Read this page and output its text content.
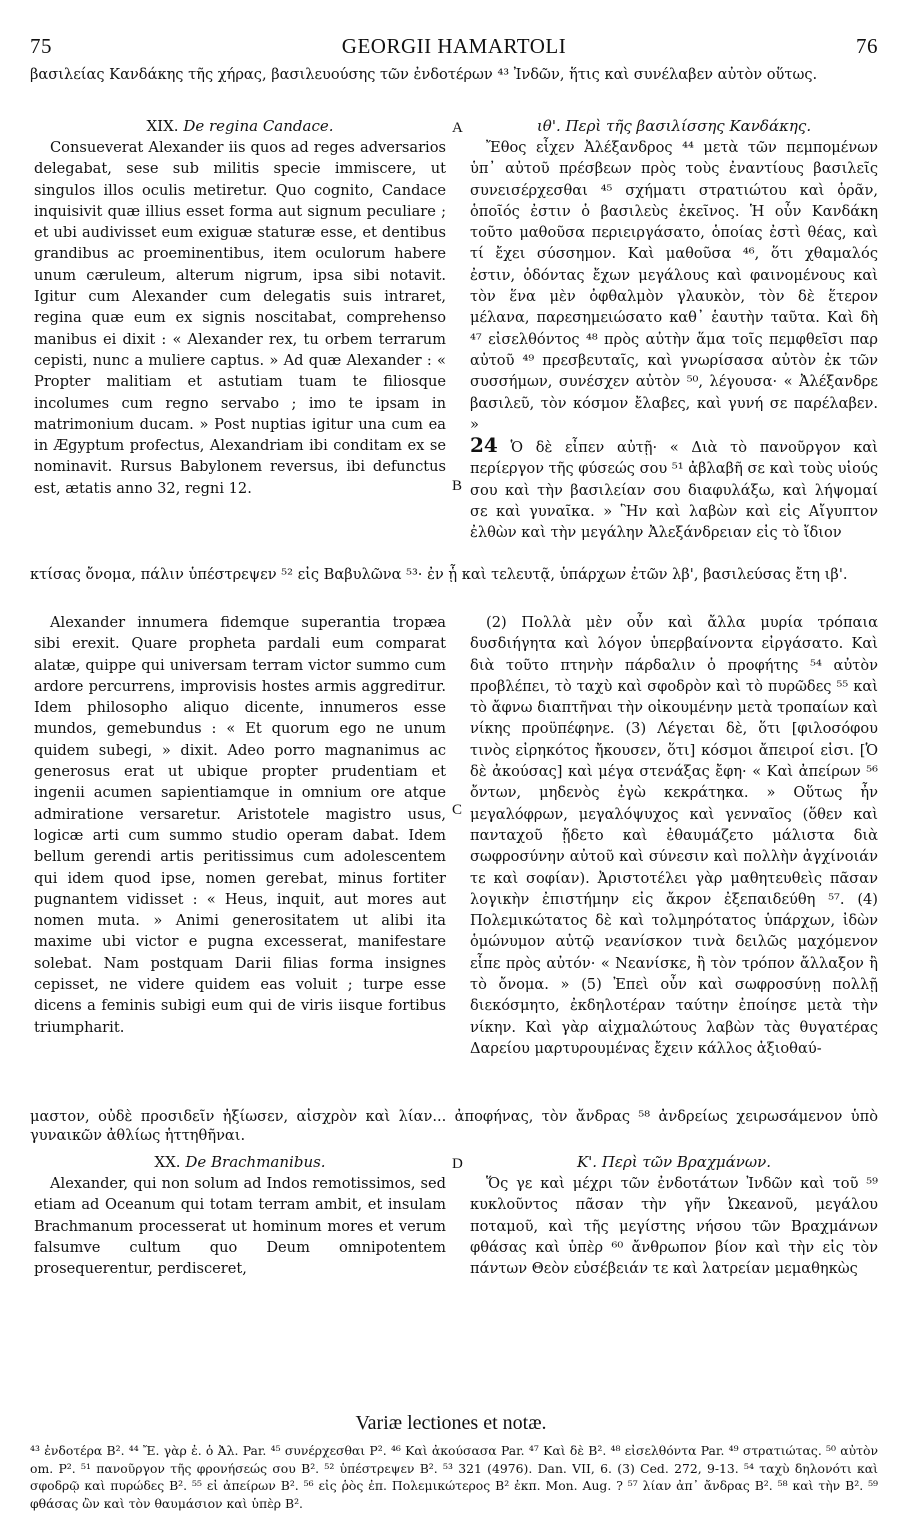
75	GEORGII HAMARTOLI	76
βασιλείας Κανδάκης τῆς χήρας, βασιλευούσης τῶν ἐνδοτέρων ⁴³ Ἰνδῶν, ἥτις καὶ συνέλαβεν αὐτὸν οὕτως.

XIX. De regina Candace.

Consueverat Alexander iis quos ad reges adversarios delegabat, sese sub militis specie immiscere, ut singulos illos oculis metiretur. Quo cognito, Candace inquisivit quæ illius esset forma aut signum peculiare ; et ubi audivisset eum exiguæ staturæ esse, et dentibus grandibus ac proeminentibus, item oculorum habere unum cæruleum, alterum nigrum, ipsa sibi notavit. Igitur cum Alexander cum delegatis suis intraret, regina quæ eum ex signis noscitabat, comprehenso manibus ei dixit : « Alexander rex, tu orbem terrarum cepisti, nunc a muliere captus. » Ad quæ Alexander : « Propter malitiam et astutiam tuam te filiosque incolumes cum regno servabo ; imo te ipsam in matrimonium ducam. » Post nuptias igitur una cum ea in Ægyptum profectus, Alexandriam ibi conditam ex se nominavit. Rursus Babylonem reversus, ibi defunctus est, ætatis anno 32, regni 12.

ιθ'. Περὶ τῆς βασιλίσσης Κανδάκης.

Ἔθος εἶχεν Ἀλέξανδρος ⁴⁴ μετὰ τῶν πεμπομένων ὑπ᾽ αὐτοῦ πρέσβεων πρὸς τοὺς ἐναντίους βασιλεῖς συνεισέρχεσθαι ⁴⁵ σχήματι στρατιώτου καὶ ὁρᾶν, ὁποῖός ἐστιν ὁ βασιλεὺς ἐκεῖνος. Ἡ οὖν Κανδάκη τοῦτο μαθοῦσα περιειργάσατο, ὁποίας ἐστὶ θέας, καὶ τί ἔχει σύσσημον. Καὶ μαθοῦσα ⁴⁶, ὅτι χθαμαλός ἐστιν, ὀδόντας ἔχων μεγάλους καὶ φαινομένους καὶ τὸν ἕνα μὲν ὀφθαλμὸν γλαυκὸν, τὸν δὲ ἕτερον μέλανα, παρεσημειώσατο καθ᾽ ἑαυτὴν ταῦτα. Καὶ δὴ ⁴⁷ εἰσελθόντος ⁴⁸ πρὸς αὐτὴν ἅμα τοῖς πεμφθεῖσι παρ αὐτοῦ ⁴⁹ πρεσβευταῖς, καὶ γνωρίσασα αὐτὸν ἐκ τῶν συσσήμων, συνέσχεν αὐτὸν ⁵⁰, λέγουσα· « Ἀλέξανδρε βασιλεῦ, τὸν κόσμον ἔλαβες, καὶ γυνή σε παρέλαβεν. »

24 Ὁ δὲ εἶπεν αὐτῇ· « Διὰ τὸ πανοῦργον καὶ περίεργον τῆς φύσεώς σου ⁵¹ ἀβλαβῆ σε καὶ τοὺς υἱούς σου καὶ τὴν βασιλείαν σου διαφυλάξω, καὶ λήψομαί σε καὶ γυναῖκα. » Ἣν καὶ λαβὼν καὶ εἰς Αἴγυπτον ἐλθὼν καὶ τὴν μεγάλην Ἀλεξάνδρειαν εἰς τὸ ἴδιον

κτίσας ὄνομα, πάλιν ὑπέστρεψεν ⁵² εἰς Βαβυλῶνα ⁵³· ἐν ᾗ καὶ τελευτᾷ, ὑπάρχων ἐτῶν λβ', βασιλεύσας ἔτη ιβ'.

Alexander innumera fidemque superantia tropæa sibi erexit. Quare propheta pardali eum comparat alatæ, quippe qui universam terram victor summo cum ardore percurrens, improvisis hostes armis aggrediтur. Idem philosopho aliquo dicente, innumeros esse mundos, gemebundus : « Et quorum ego ne unum quidem subegi, » dixit. Adeo porro magnanimus ac generosus erat ut ubique propter prudentiam et ingenii acumen sapientiamque in omnium ore atque admiratione versaretur. Aristotele magistro usus, logicæ arti cum summo studio operam dabat. Idem bellum gerendi artis peritissimus cum adolescentem qui idem quod ipse, nomen gerebat, minus fortiter pugnantem vidisset : « Heus, inquit, aut mores aut nomen muta. » Animi generositatem ut alibi ita maxime ubi victor e pugna excesserat, manifestare solebat. Nam postquam Darii filias forma insignes cepisset, ne videre quidem eas voluit ; turpe esse dicens a feminis subigi eum qui de viris iisque fortibus triumpharit.

(2) Πολλὰ μὲν οὖν καὶ ἄλλα μυρία τρόπαια δυσδιήγητα καὶ λόγον ὑπερβαίνοντα εἰργάσατο. Καὶ διὰ τοῦτο πτηνὴν πάρδαλιν ὁ προφήτης ⁵⁴ αὐτὸν προβλέπει, τὸ ταχὺ καὶ σφοδρὸν καὶ τὸ πυρῶδες ⁵⁵ καὶ τὸ ἄφνω διαπτῆναι τὴν οἰκουμένην μετὰ τροπαίων καὶ νίκης προϋπέφηνε. (3) Λέγεται δὲ, ὅτι [φιλοσόφου τινὸς εἰρηκότος ἤκουσεν, ὅτι] κόσμοι ἄπειροί εἰσι. [Ὁ δὲ ἀκούσας] καὶ μέγα στενάξας ἔφη· « Καὶ ἀπείρων ⁵⁶ ὄντων, μηδενὸς ἐγὼ κεκράτηκα. » Οὕτως ἦν μεγαλόφρων, μεγαλόψυχος καὶ γενναῖος (ὅθεν καὶ πανταχοῦ ᾔδετο καὶ ἐθαυμάζετο μάλιστα διὰ σωφροσύνην αὐτοῦ καὶ σύνεσιν καὶ πολλὴν ἀγχίνοιάν τε καὶ σοφίαν). Ἀριστοτέλει γὰρ μαθητευθεὶς πᾶσαν λογικὴν ἐπιστήμην εἰς ἄκρον ἐξεπαιδεύθη ⁵⁷. (4) Πολεμικώτατος δὲ καὶ τολμηρότατος ὑπάρχων, ἰδὼν ὁμώνυμον αὐτῷ νεανίσκον τινὰ δειλῶς μαχόμενον εἶπε πρὸς αὐτόν· « Νεανίσκε, ἢ τὸν τρόπον ἄλλαξον ἢ τὸ ὄνομα. » (5) Ἐπεὶ οὖν καὶ σωφροσύνῃ πολλῇ διεκόσμητο, ἐκδηλοτέραν ταύτην ἐποίησε μετὰ τὴν νίκην. Καὶ γὰρ αἰχμαλώτους λαβὼν τὰς θυγατέρας Δαρείου μαρτυρουμένας ἔχειν κάλλος ἀξιοθαύ-

μαστον, οὐδὲ προσιδεῖν ἠξίωσεν, αἰσχρὸν καὶ λίαν... ἀποφήνας, τὸν ἄνδρας ⁵⁸ ἀνδρείως χειρωσάμενον ὑπὸ γυναικῶν ἀθλίως ἡττηθῆναι.

XX. De Brachmanibus.

Alexander, qui non solum ad Indos remotissimos, sed etiam ad Oceanum qui totam terram ambit, et insulam Brachmanum processerat ut hominum mores et verum falsumve cultum quo Deum omnipotentem prosequerentur, perdisceret,

Κ'. Περὶ τῶν Βραχμάνων.

Ὅς γε καὶ μέχρι τῶν ἐνδοτάτων Ἰνδῶν καὶ τοῦ ⁵⁹ κυκλοῦντος πᾶσαν τὴν γῆν Ὠκεανοῦ, μεγάλου ποταμοῦ, καὶ τῆς μεγίστης νήσου τῶν Βραχμάνων φθάσας καὶ ὑπὲρ ⁶⁰ ἄνθρωπον βίον καὶ τὴν εἰς τὸν πάντων Θεὸν εὐσέβειάν τε καὶ λατρείαν μεμαθηκὼς

A
B
C
D
Variæ lectiones et notæ.
⁴³ ἐνδοτέρα B². ⁴⁴ Ἔ. γὰρ ἐ. ὁ Ἀλ. Par. ⁴⁵ συνέρχεσθαι P². ⁴⁶ Καὶ ἀκούσασα Par. ⁴⁷ Καὶ δὲ B². ⁴⁸ εἰσελθόντα Par. ⁴⁹ στρατιώτας. ⁵⁰ αὐτὸν om. P². ⁵¹ πανοῦργον τῆς φρονήσεώς σου B². ⁵² ὑπέστρεψεν B². ⁵³ 321 (4976). Dan. VII, 6. (3) Ced. 272, 9-13. ⁵⁴ ταχὺ δηλονότι καὶ σφοδρῷ καὶ πυρώδες B². ⁵⁵ εἰ ἀπείρων B². ⁵⁶ εἰς ῥὸς ἐπ. Πολεμικώτερος B² ἐκπ. Mon. Aug. ? ⁵⁷ λίαν ἀπ᾽ ἄνδρας B². ⁵⁸ καὶ τὴν B². ⁵⁹ φθάσας ὢν καὶ τὸν θαυμάσιον καὶ ὑπὲρ B².
